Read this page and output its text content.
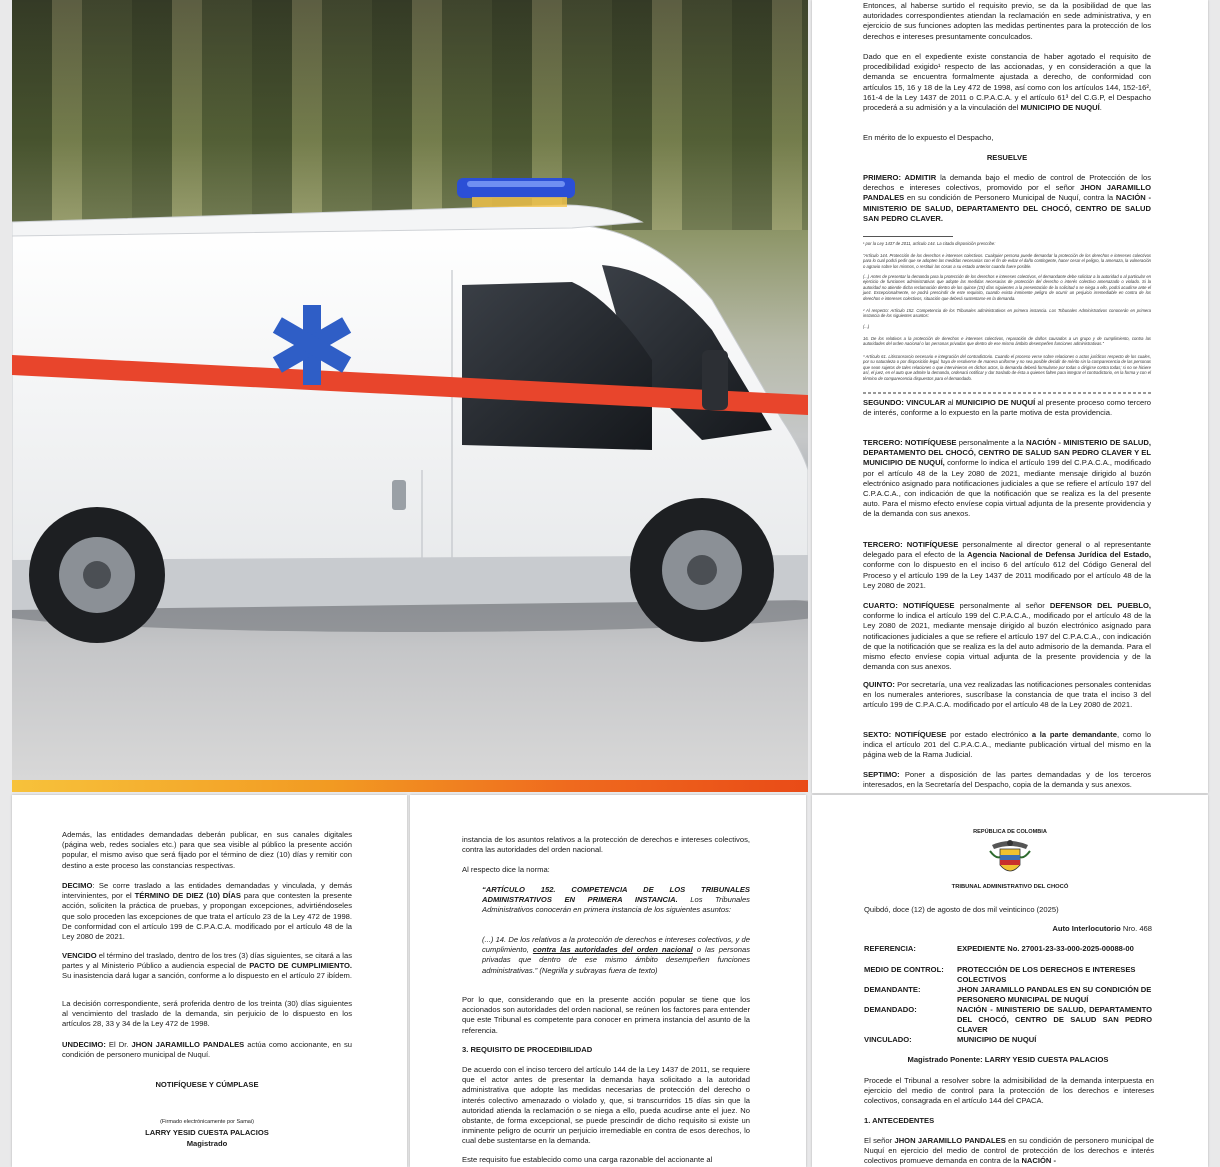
Entonces, al haberse surtido el requisito previo, se da la posibilidad de que las autoridades correspondientes atiendan la reclamación en sede administrativa, y en ejercicio de sus funciones adopten las medidas pertinentes para la protección de los derechos e intereses presuntamente conculcados.
Dado que en el expediente existe constancia de haber agotado el requisito de procedibilidad exigido¹ respecto de las accionadas, y en consideración a que la demanda se encuentra formalmente ajustada a derecho, de conformidad con artículos 15, 16 y 18 de la Ley 472 de 1998, así como con los artículos 144, 152-16², 161-4 de la Ley 1437 de 2011 o C.P.A.C.A. y el artículo 61³ del C.G.P, el Despacho procederá a su admisión y a la vinculación del MUNICIPIO DE NUQUÍ.
En mérito de lo expuesto el Despacho,
RESUELVE
PRIMERO: ADMITIR la demanda bajo el medio de control de Protección de los derechos e intereses colectivos, promovido por el señor JHON JARAMILLO PANDALES en su condición de Personero Municipal de Nuquí, contra la NACIÓN - MINISTERIO DE SALUD, DEPARTAMENTO DEL CHOCÓ, CENTRO DE SALUD SAN PEDRO CLAVER.
¹ por la Ley 1437 de 2011, artículo 144. La citada disposición prescribe:
“Artículo 144. Protección de los derechos e intereses colectivos. Cualquier persona puede demandar la protección de los derechos e intereses colectivos para lo cual podrá pedir que se adopten las medidas necesarias con el fin de evitar el daño contingente, hacer cesar el peligro, la amenaza, la vulneración o agravio sobre los mismos, o restituir las cosas a su estado anterior cuando fuere posible.
(...) Antes de presentar la demanda para la protección de los derechos e intereses colectivos, el demandante debe solicitar a la autoridad o al particular en ejercicio de funciones administrativas que adopte las medidas necesarias de protección del derecho o interés colectivo amenazado o violado. Si la autoridad no atiende dicha reclamación dentro de los quince (15) días siguientes a la presentación de la solicitud o se niega a ello, podrá acudirse ante el juez. Excepcionalmente, se podrá prescindir de este requisito, cuando exista inminente peligro de ocurrir un perjuicio irremediable en contra de los derechos e intereses colectivos, situación que deberá sustentarse en la demanda.
² Al respecto: Artículo 152. Competencia de los Tribunales administrativos en primera instancia. Los Tribunales Administrativos conocerán en primera instancia de los siguientes asuntos:
(...)
16. De los relativos a la protección de derechos e intereses colectivos, reparación de daños causados a un grupo y de cumplimiento, contra las autoridades del orden nacional o las personas privadas que dentro de ese mismo ámbito desempeñen funciones administrativas.”
³ Artículo 61. Litisconsorcio necesario e integración del contradictorio. Cuando el proceso verse sobre relaciones o actos jurídicos respecto de los cuales, por su naturaleza o por disposición legal, haya de resolverse de manera uniforme y no sea posible decidir de mérito sin la comparecencia de las personas que sean sujetos de tales relaciones o que intervinieron en dichos actos, la demanda deberá formularse por todas o dirigirse contra todas; si no se hiciere así, el juez, en el auto que admite la demanda, ordenará notificar y dar traslado de ésta a quienes falten para integrar el contradictorio, en la forma y con el término de comparecencia dispuestos para el demandado.
SEGUNDO: VINCULAR al MUNICIPIO DE NUQUÍ al presente proceso como tercero de interés, conforme a lo expuesto en la parte motiva de esta providencia.
TERCERO: NOTIFÍQUESE personalmente a la NACIÓN - MINISTERIO DE SALUD, DEPARTAMENTO DEL CHOCÓ, CENTRO DE SALUD SAN PEDRO CLAVER Y EL MUNICIPIO DE NUQUÍ, conforme lo indica el artículo 199 del C.P.A.C.A., modificado por el artículo 48 de la Ley 2080 de 2021, mediante mensaje dirigido al buzón electrónico asignado para notificaciones judiciales a que se refiere el artículo 197 del C.P.A.C.A., con indicación de que la notificación que se realiza es la del presente auto. Para el mismo efecto envíese copia virtual adjunta de la presente providencia y de la demanda con sus anexos.
TERCERO: NOTIFÍQUESE personalmente al director general o al representante delegado para el efecto de la Agencia Nacional de Defensa Jurídica del Estado, conforme con lo dispuesto en el inciso 6 del artículo 612 del Código General del Proceso y el artículo 199 de la Ley 1437 de 2011 modificado por el artículo 48 de la Ley 2080 de 2021.
CUARTO: NOTIFÍQUESE personalmente al señor DEFENSOR DEL PUEBLO, conforme lo indica el artículo 199 del C.P.A.C.A., modificado por el artículo 48 de la Ley 2080 de 2021, mediante mensaje dirigido al buzón electrónico asignado para notificaciones judiciales a que se refiere el artículo 197 del C.P.A.C.A., con indicación de que la notificación que se realiza es la del auto admisorio de la demanda. Para el mismo efecto envíese copia virtual adjunta de la presente providencia y de la demanda con sus anexos.
QUINTO: Por secretaría, una vez realizadas las notificaciones personales contenidas en los numerales anteriores, suscríbase la constancia de que trata el inciso 3 del artículo 199 de C.P.A.C.A. modificado por el artículo 48 de la Ley 2080 de 2021.
SEXTO: NOTIFÍQUESE por estado electrónico a la parte demandante, como lo indica el artículo 201 del C.P.A.C.A., mediante publicación virtual del mismo en la página web de la Rama Judicial.
SEPTIMO: Poner a disposición de las partes demandadas y de los terceros interesados, en la Secretaría del Despacho, copia de la demanda y sus anexos.
Además, las entidades demandadas deberán publicar, en sus canales digitales (página web, redes sociales etc.) para que sea visible al público la presente acción popular, el mismo aviso que será fijado por el término de diez (10) días y remitir con destino a este proceso las constancias respectivas.
DECIMO: Se corre traslado a las entidades demandadas y vinculada, y demás intervinientes, por el TÉRMINO DE DIEZ (10) DÍAS para que contesten la presente acción, soliciten la práctica de pruebas, y propongan excepciones, advirtiéndoseles que solo proceden las excepciones de que trata el artículo 23 de la Ley 472 de 1998. De conformidad con el artículo 199 de C.P.A.C.A. modificado por el artículo 48 de la Ley 2080 de 2021.
VENCIDO el término del traslado, dentro de los tres (3) días siguientes, se citará a las partes y al Ministerio Público a audiencia especial de PACTO DE CUMPLIMIENTO. Su inasistencia dará lugar a sanción, conforme a lo dispuesto en el artículo 27 ibídem.
La decisión correspondiente, será proferida dentro de los treinta (30) días siguientes al vencimiento del traslado de la demanda, sin perjuicio de lo dispuesto en los artículos 28, 33 y 34 de la Ley 472 de 1998.
UNDECIMO: El Dr. JHON JARAMILLO PANDALES actúa como accionante, en su condición de personero municipal de Nuquí.
NOTIFÍQUESE Y CÚMPLASE
(Firmado electrónicamente por Samai)
LARRY YESID CUESTA PALACIOS
Magistrado
instancia de los asuntos relativos a la protección de derechos e intereses colectivos, contra las autoridades del orden nacional.
Al respecto dice la norma:
“ARTÍCULO 152. COMPETENCIA DE LOS TRIBUNALES ADMINISTRATIVOS EN PRIMERA INSTANCIA. Los Tribunales Administrativos conocerán en primera instancia de los siguientes asuntos:
(...) 14. De los relativos a la protección de derechos e intereses colectivos, y de cumplimiento, contra las autoridades del orden nacional o las personas privadas que dentro de ese mismo ámbito desempeñen funciones administrativas.” (Negrilla y subrayas fuera de texto)
Por lo que, considerando que en la presente acción popular se tiene que los accionados son autoridades del orden nacional, se reúnen los factores para entender que este Tribunal es competente para conocer en primera instancia del asunto de la referencia.
3. REQUISITO DE PROCEDIBILIDAD
De acuerdo con el inciso tercero del artículo 144 de la Ley 1437 de 2011, se requiere que el actor antes de presentar la demanda haya solicitado a la autoridad administrativa que adopte las medidas necesarias de protección del derecho o interés colectivo amenazado o violado y, que, si transcurridos 15 días sin que la autoridad atienda la reclamación o se niega a ello, pueda acudirse ante el juez. No obstante, de forma excepcional, se puede prescindir de dicho requisito si existe un inminente peligro de ocurrir un perjuicio irremediable en contra de esos derechos, lo cual debe sustentarse en la demanda.
Este requisito fue establecido como una carga razonable del accionante al
REPÚBLICA DE COLOMBIA
TRIBUNAL ADMINISTRATIVO DEL CHOCÓ
Quibdó, doce (12) de agosto de dos mil veinticinco (2025)
Auto Interlocutorio Nro. 468
REFERENCIA:	EXPEDIENTE No. 27001-23-33-000-2025-00088-00
MEDIO DE CONTROL: PROTECCIÓN DE LOS DERECHOS E INTERESES COLECTIVOS
DEMANDANTE:	JHON JARAMILLO PANDALES EN SU CONDICIÓN DE PERSONERO MUNICIPAL DE NUQUÍ
DEMANDADO:	NACIÓN - MINISTERIO DE SALUD, DEPARTAMENTO DEL CHOCÓ, CENTRO DE SALUD SAN PEDRO CLAVER
VINCULADO:	MUNICIPIO DE NUQUÍ
Magistrado Ponente: LARRY YESID CUESTA PALACIOS
Procede el Tribunal a resolver sobre la admisibilidad de la demanda interpuesta en ejercicio del medio de control para la protección de los derechos e intereses colectivos, consagrada en el artículo 144 del CPACA.
1. ANTECEDENTES
El señor JHON JARAMILLO PANDALES en su condición de personero municipal de Nuquí en ejercicio del medio de control de protección de los derechos e interés colectivos promueve demanda en contra de la NACIÓN -
